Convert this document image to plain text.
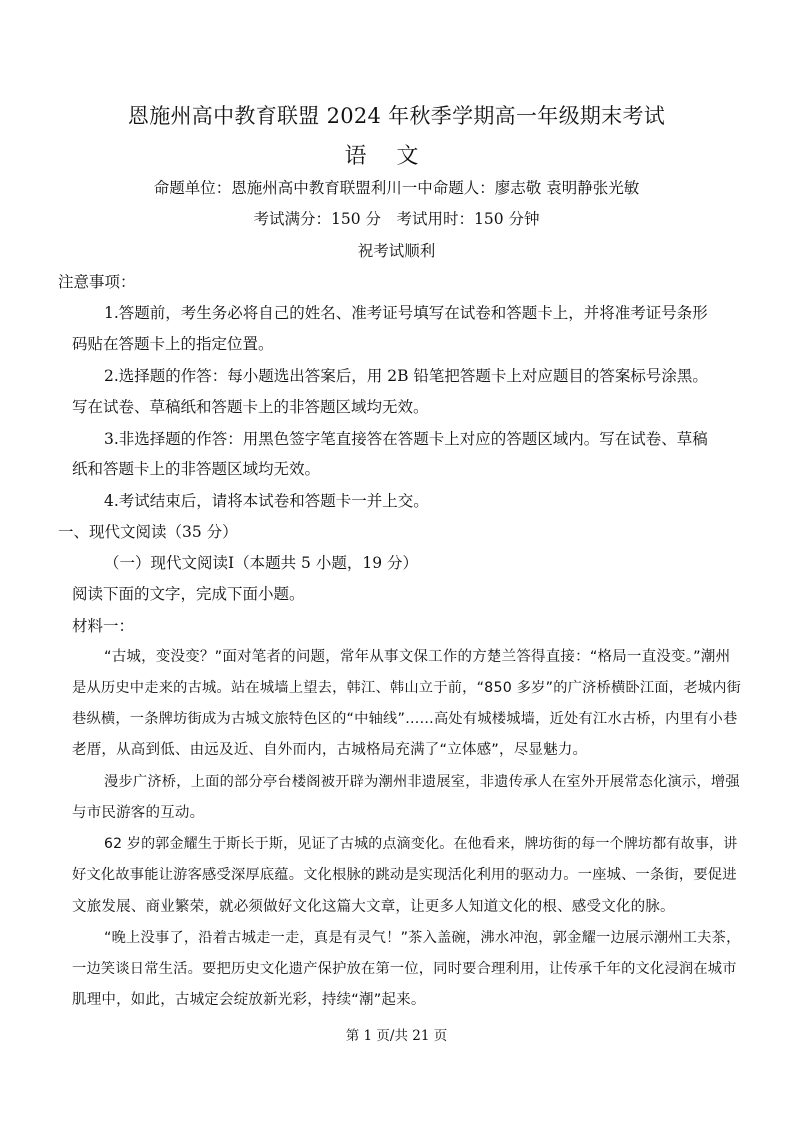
恩施州高中教育联盟 2024 年秋季学期高一年级期末考试
语文
命题单位：恩施州高中教育联盟利川一中命题人：廖志敬 袁明静张光敏
考试满分：150 分　考试用时：150 分钟
祝考试顺利
注意事项：
1.答题前，考生务必将自己的姓名、准考证号填写在试卷和答题卡上，并将准考证号条形
码贴在答题卡上的指定位置。
2.选择题的作答：每小题选出答案后，用 2B 铅笔把答题卡上对应题目的答案标号涂黑。
写在试卷、草稿纸和答题卡上的非答题区域均无效。
3.非选择题的作答：用黑色签字笔直接答在答题卡上对应的答题区域内。写在试卷、草稿
纸和答题卡上的非答题区域均无效。
4.考试结束后，请将本试卷和答题卡一并上交。
一、现代文阅读（35 分）
（一）现代文阅读Ⅰ（本题共 5 小题，19 分）
阅读下面的文字，完成下面小题。
材料一：
“古城，变没变？”面对笔者的问题，常年从事文保工作的方楚兰答得直接：“格局一直没变。”潮州
是从历史中走来的古城。站在城墙上望去，韩江、韩山立于前，“850 多岁”的广济桥横卧江面，老城内街
巷纵横，一条牌坊街成为古城文旅特色区的“中轴线”……高处有城楼城墙，近处有江水古桥，内里有小巷
老厝，从高到低、由远及近、自外而内，古城格局充满了“立体感”，尽显魅力。
漫步广济桥，上面的部分亭台楼阁被开辟为潮州非遗展室，非遗传承人在室外开展常态化演示，增强
与市民游客的互动。
62 岁的郭金耀生于斯长于斯，见证了古城的点滴变化。在他看来，牌坊街的每一个牌坊都有故事，讲
好文化故事能让游客感受深厚底蕴。文化根脉的跳动是实现活化利用的驱动力。一座城、一条街，要促进
文旅发展、商业繁荣，就必须做好文化这篇大文章，让更多人知道文化的根、感受文化的脉。
“晚上没事了，沿着古城走一走，真是有灵气！”茶入盖碗，沸水冲泡，郭金耀一边展示潮州工夫茶，
一边笑谈日常生活。要把历史文化遗产保护放在第一位，同时要合理利用，让传承千年的文化浸润在城市
肌理中，如此，古城定会绽放新光彩，持续“潮”起来。
第 1 页/共 21 页
